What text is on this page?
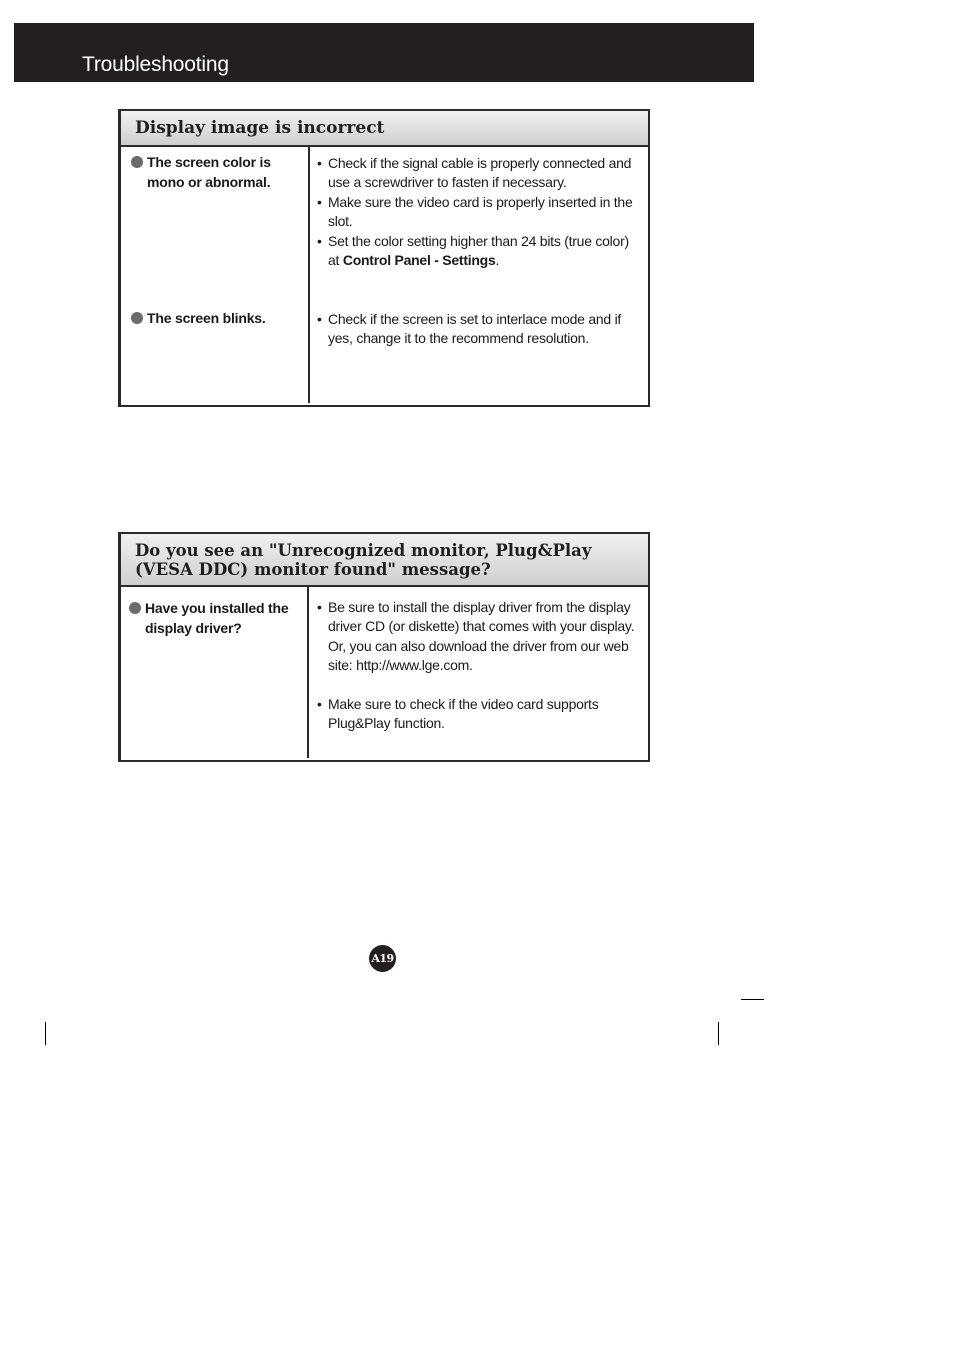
Troubleshooting
Display image is incorrect
The screen color is mono or abnormal.
• Check if the signal cable is properly connected and use a screwdriver to fasten if necessary.
• Make sure the video card is properly inserted in the slot.
• Set the color setting higher than 24 bits (true color) at Control Panel - Settings.
The screen blinks.
•	Check if the screen is set to interlace mode and if yes, change it to the recommend resolution.
Do you see an "Unrecognized monitor, Plug&Play (VESA DDC) monitor found" message?
Have you installed the display driver?
• Be sure to install the display driver from the display driver CD (or diskette) that comes with your display. Or, you can also download the driver from our web site: http://www.lge.com.
• Make sure to check if the video card supports Plug&Play function.
A19
